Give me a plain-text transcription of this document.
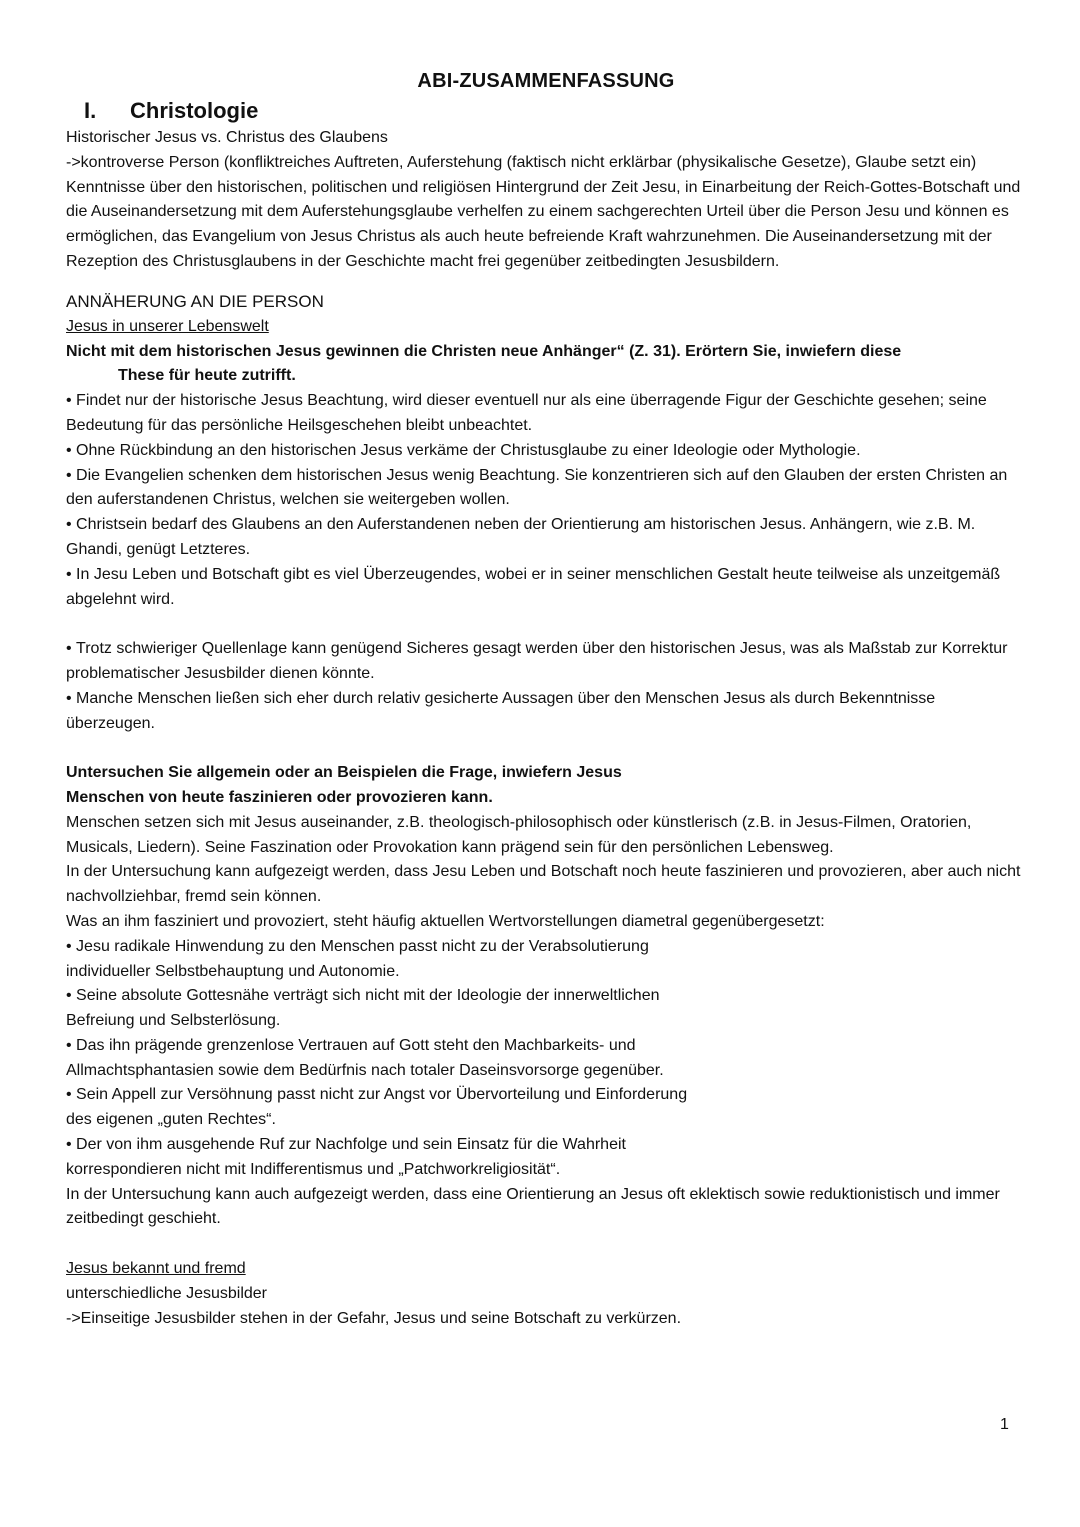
ABI-ZUSAMMENFASSUNG
I.	Christologie

Historischer Jesus vs. Christus des Glaubens

->kontroverse Person (konfliktreiches Auftreten, Auferstehung (faktisch nicht erklärbar (physikalische Gesetze), Glaube setzt ein)

Kenntnisse über den historischen, politischen und religiösen Hintergrund der Zeit Jesu, in Einarbeitung der Reich-Gottes-Botschaft und die Auseinandersetzung mit dem Auferstehungsglaube verhelfen zu einem sachgerechten Urteil über die Person Jesu und können es ermöglichen, das Evangelium von Jesus Christus als auch heute befreiende Kraft wahrzunehmen. Die Auseinandersetzung mit der Rezeption des Christusglaubens in der Geschichte macht frei gegenüber zeitbedingten Jesusbildern.

ANNÄHERUNG AN DIE PERSON

Jesus in unserer Lebenswelt

Nicht mit dem historischen Jesus gewinnen die Christen neue Anhänger“ (Z. 31). Erörtern Sie, inwiefern diese

These für heute zutrifft.

• Findet nur der historische Jesus Beachtung, wird dieser eventuell nur als eine überragende Figur der Geschichte gesehen; seine Bedeutung für das persönliche Heilsgeschehen bleibt unbeachtet.

• Ohne Rückbindung an den historischen Jesus verkäme der Christusglaube zu einer Ideologie oder Mythologie.

• Die Evangelien schenken dem historischen Jesus wenig Beachtung. Sie konzentrieren sich auf den Glauben der ersten Christen an den auferstandenen Christus, welchen sie weitergeben wollen.

• Christsein bedarf des Glaubens an den Auferstandenen neben der Orientierung am historischen Jesus. Anhängern, wie z.B. M. Ghandi, genügt Letzteres.

• In Jesu Leben und Botschaft gibt es viel Überzeugendes, wobei er in seiner menschlichen Gestalt heute teilweise als unzeitgemäß abgelehnt wird.

• Trotz schwieriger Quellenlage kann genügend Sicheres gesagt werden über den historischen Jesus, was als Maßstab zur Korrektur problematischer Jesusbilder dienen könnte.

• Manche Menschen ließen sich eher durch relativ gesicherte Aussagen über den Menschen Jesus als durch Bekenntnisse überzeugen.

Untersuchen Sie allgemein oder an Beispielen die Frage, inwiefern Jesus

Menschen von heute faszinieren oder provozieren kann.

Menschen setzen sich mit Jesus auseinander, z.B. theologisch-philosophisch oder künstlerisch (z.B. in Jesus-Filmen, Oratorien, Musicals, Liedern). Seine Faszination oder Provokation kann prägend sein für den persönlichen Lebensweg.

In der Untersuchung kann aufgezeigt werden, dass Jesu Leben und Botschaft noch heute faszinieren und provozieren, aber auch nicht nachvollziehbar, fremd sein können.

Was an ihm fasziniert und provoziert, steht häufig aktuellen Wertvorstellungen diametral gegenübergesetzt:

• Jesu radikale Hinwendung zu den Menschen passt nicht zu der Verabsolutierung

individueller Selbstbehauptung und Autonomie.

• Seine absolute Gottesnähe verträgt sich nicht mit der Ideologie der innerweltlichen

Befreiung und Selbsterlösung.

• Das ihn prägende grenzenlose Vertrauen auf Gott steht den Machbarkeits- und

Allmachtsphantasien sowie dem Bedürfnis nach totaler Daseinsvorsorge gegenüber.

• Sein Appell zur Versöhnung passt nicht zur Angst vor Übervorteilung und Einforderung

des eigenen „guten Rechtes“.

• Der von ihm ausgehende Ruf zur Nachfolge und sein Einsatz für die Wahrheit

korrespondieren nicht mit Indifferentismus und „Patchworkreligiosität“.

In der Untersuchung kann auch aufgezeigt werden, dass eine Orientierung an Jesus oft eklektisch sowie reduktionistisch und immer zeitbedingt geschieht.

Jesus bekannt und fremd

unterschiedliche Jesusbilder

->Einseitige Jesusbilder stehen in der Gefahr, Jesus und seine Botschaft zu verkürzen.

1
